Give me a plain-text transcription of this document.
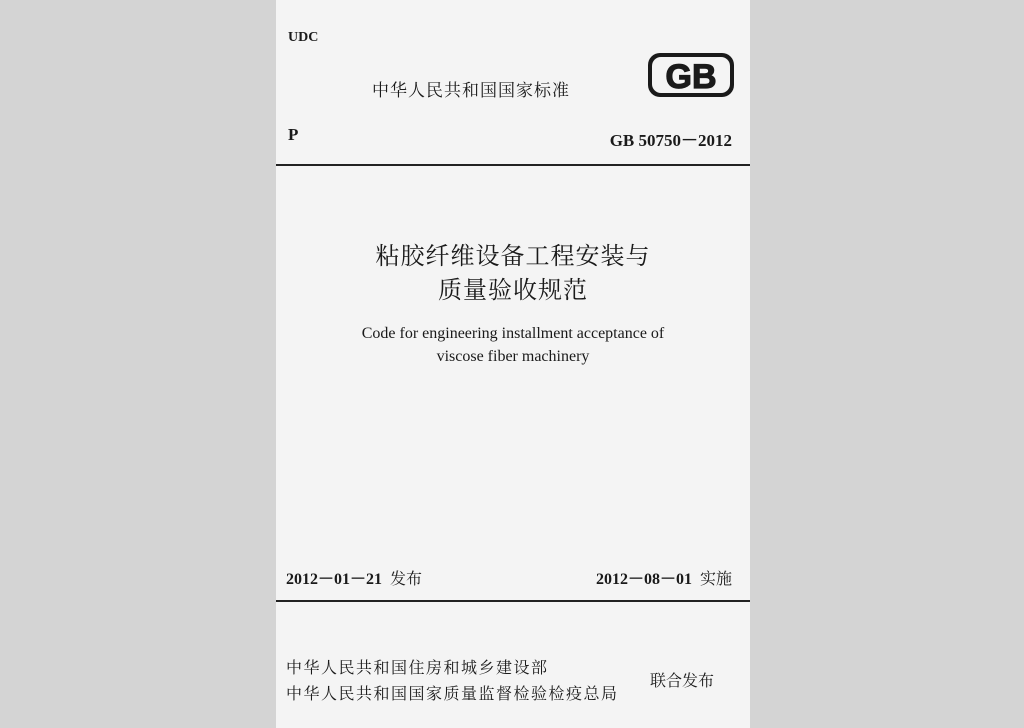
UDC
中华人民共和国国家标准	GB
P	GB 50750－2012
粘胶纤维设备工程安装与
质量验收规范
Code for engineering installment acceptance of
viscose fiber machinery
2012－01－21 发布	2012－08－01 实施
中华人民共和国住房和城乡建设部
中华人民共和国国家质量监督检验检疫总局
联合发布
